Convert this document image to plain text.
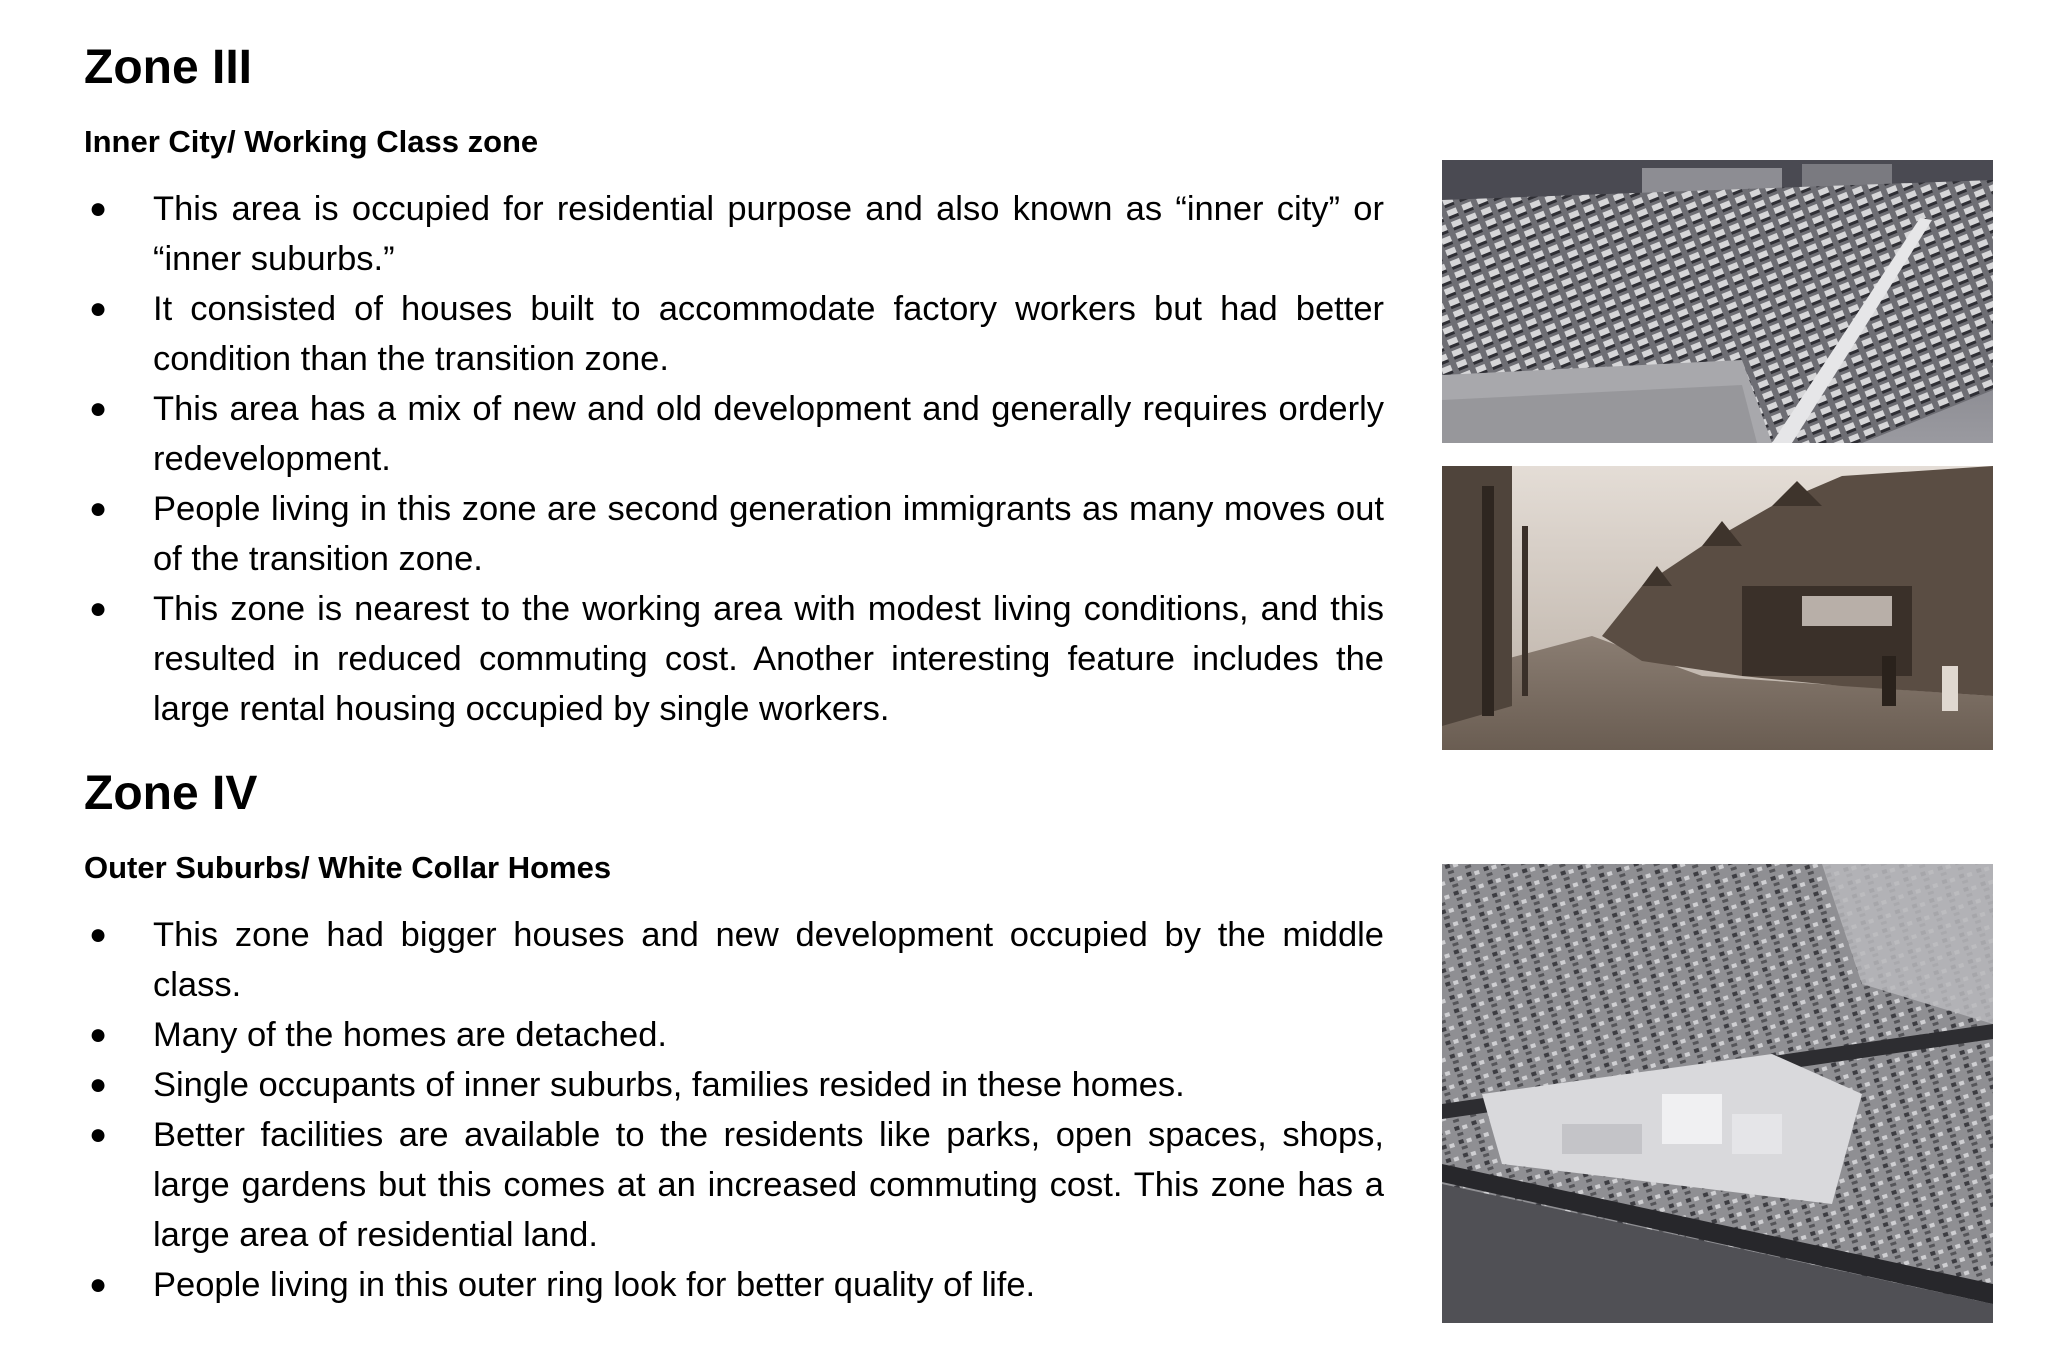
Zone III
Inner City/ Working Class zone
● This area is occupied for residential purpose and also known as “inner city” or “inner suburbs.”
● It consisted of houses built to accommodate factory workers but had better condition than the transition zone.
● This area has a mix of new and old development and generally requires orderly redevelopment.
● People living in this zone are second generation immigrants as many moves out of the transition zone.
● This zone is nearest to the working area with modest living conditions, and this resulted in reduced commuting cost. Another interesting feature includes the large rental housing occupied by single workers.
Zone IV
Outer Suburbs/ White Collar Homes
● This zone had bigger houses and new development occupied by the middle class.
● Many of the homes are detached.
● Single occupants of inner suburbs, families resided in these homes.
● Better facilities are available to the residents like parks, open spaces, shops, large gardens but this comes at an increased commuting cost. This zone has a large area of residential land.
● People living in this outer ring look for better quality of life.
